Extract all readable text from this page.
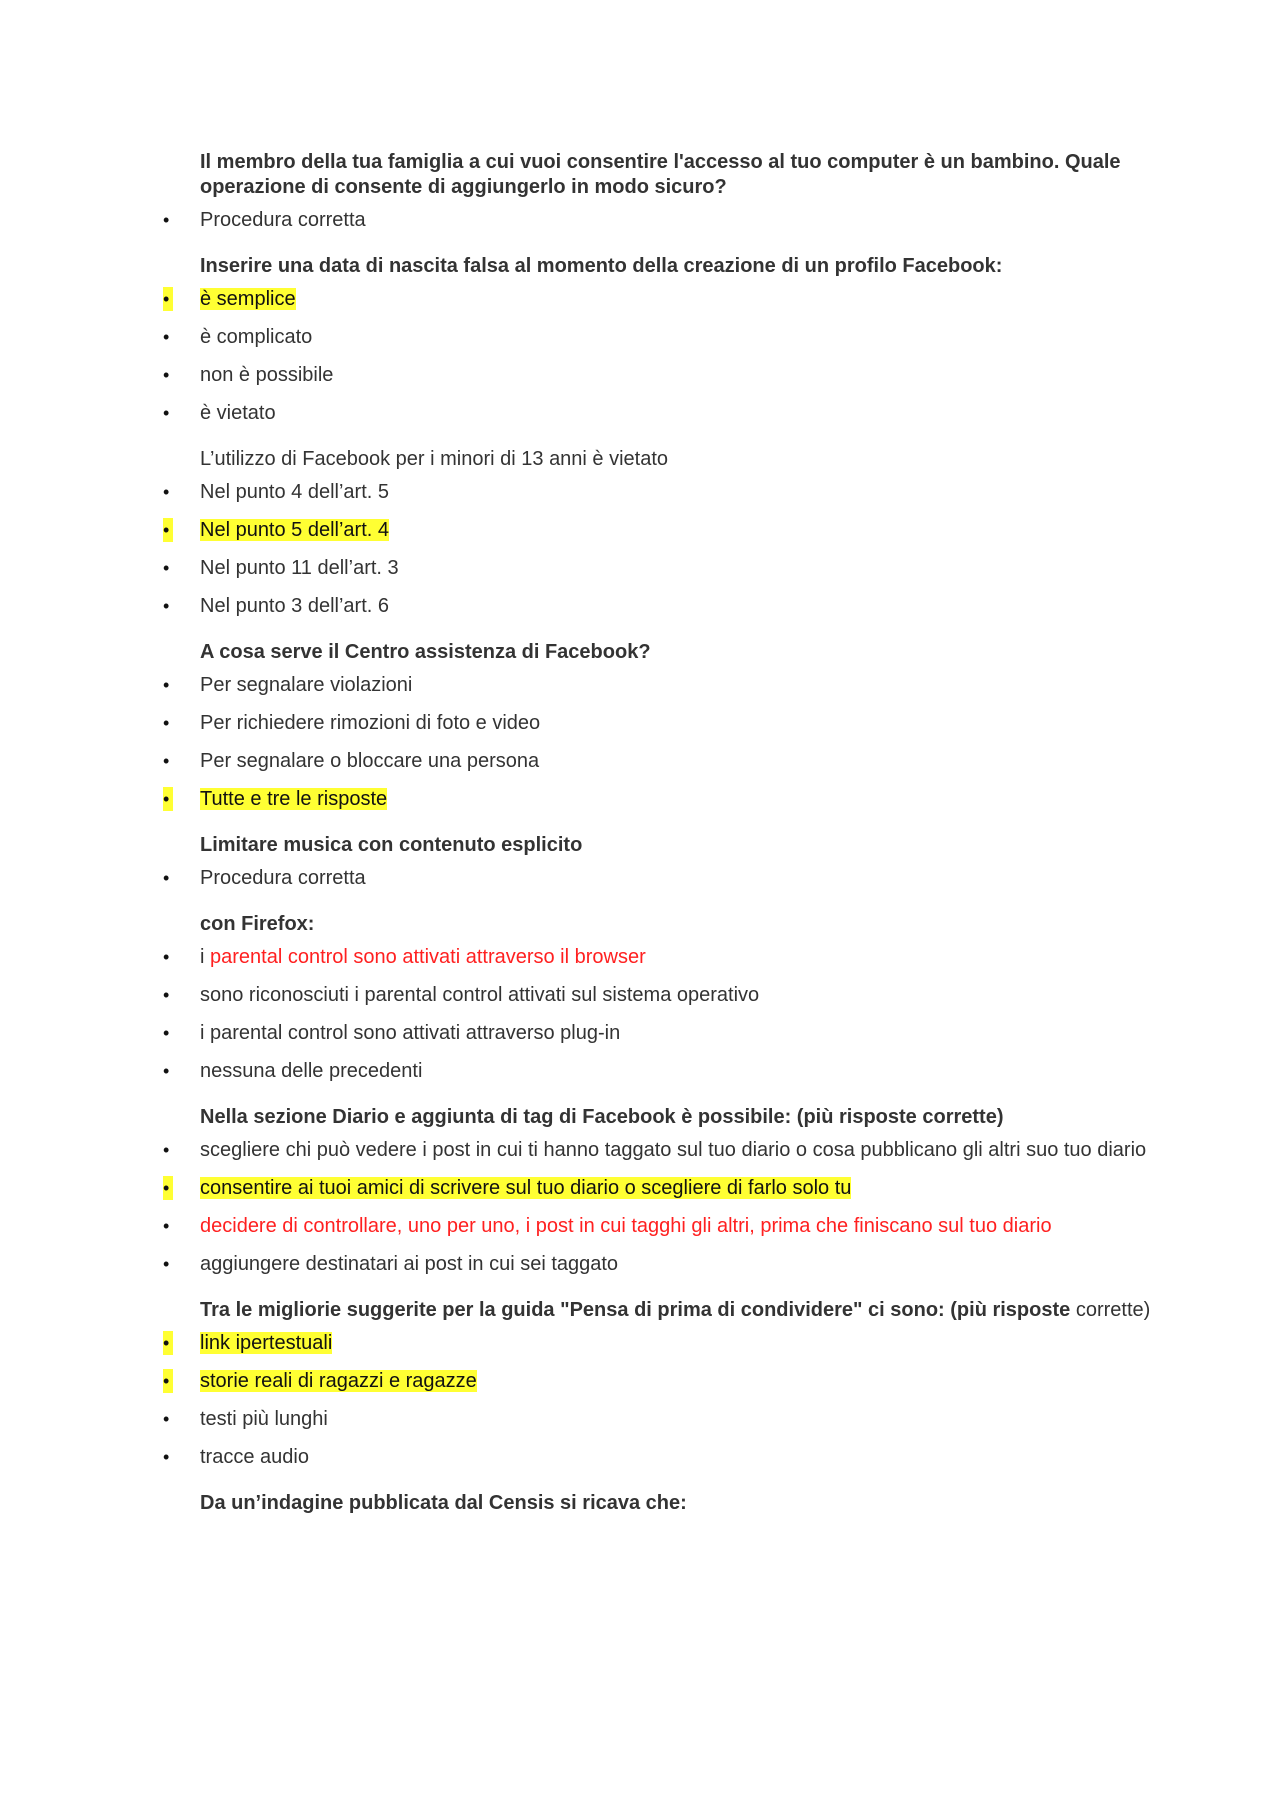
Il membro della tua famiglia a cui vuoi consentire l'accesso al tuo computer è un bambino. Quale operazione di consente di aggiungerlo in modo sicuro?

• Procedura corretta

Inserire una data di nascita falsa al momento della creazione di un profilo Facebook:

• è semplice
• è complicato
• non è possibile
• è vietato

L’utilizzo di Facebook per i minori di 13 anni è vietato

• Nel punto 4 dell’art. 5
• Nel punto 5 dell’art. 4
• Nel punto 11 dell’art. 3
• Nel punto 3 dell’art. 6

A cosa serve il Centro assistenza di Facebook?

• Per segnalare violazioni
• Per richiedere rimozioni di foto e video
• Per segnalare o bloccare una persona
• Tutte e tre le risposte

Limitare musica con contenuto esplicito

• Procedura corretta

con Firefox:

• i parental control sono attivati attraverso il browser
• sono riconosciuti i parental control attivati sul sistema operativo
• i parental control sono attivati attraverso plug-in
• nessuna delle precedenti

Nella sezione Diario e aggiunta di tag di Facebook è possibile: (più risposte corrette)

• scegliere chi può vedere i post in cui ti hanno taggato sul tuo diario o cosa pubblicano gli altri suo tuo diario
• consentire ai tuoi amici di scrivere sul tuo diario o scegliere di farlo solo tu
• decidere di controllare, uno per uno, i post in cui tagghi gli altri, prima che finiscano sul tuo diario
• aggiungere destinatari ai post in cui sei taggato

Tra le migliorie suggerite per la guida "Pensa di prima di condividere" ci sono: (più risposte corrette)

• link ipertestuali
• storie reali di ragazzi e ragazze
• testi più lunghi
• tracce audio

Da un’indagine pubblicata dal Censis si ricava che:
